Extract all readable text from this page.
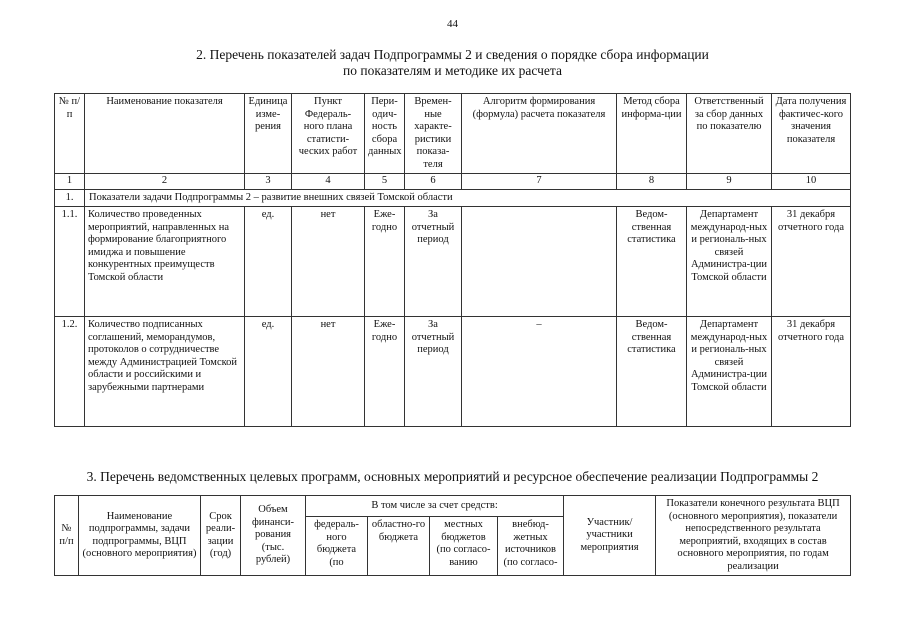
44
2. Перечень показателей задач Подпрограммы 2 и сведения о порядке сбора информации
по показателям и методике их расчета
№ п/п	Наименование показателя	Единица изме-рения	Пункт Федераль-ного плана статисти-ческих работ	Пери-одич-ность сбора данных	Времен-ные характе-ристики показа-теля	Алгоритм формирования (формула) расчета показателя	Метод сбора информа-ции	Ответственный за сбор данных по показателю	Дата получения фактичес-кого значения показателя
1	2	3	4	5	6	7	8	9	10
1.	Показатели задачи Подпрограммы 2 – развитие внешних связей Томской области								
1.1.	Количество проведенных мероприятий, направленных на формирование благоприятного имиджа и повышение конкурентных преимуществ Томской области	ед.	нет	Еже-годно	За отчетный период		Ведом-ственная статистика	Департамент международ-ных и региональ-ных связей Администра-ции Томской области	31 декабря отчетного года
1.2.	Количество подписанных соглашений, меморандумов, протоколов о сотрудничестве между Администрацией Томской области и российскими и зарубежными партнерами	ед.	нет	Еже-годно	За отчетный период	–	Ведом-ственная статистика	Департамент международ-ных и региональ-ных связей Администра-ции Томской области	31 декабря отчетного года
3. Перечень ведомственных целевых программ, основных мероприятий и ресурсное обеспечение реализации Подпрограммы 2
№ п/п	Наименование подпрограммы, задачи подпрограммы, ВЦП (основного мероприятия)	Срок реали-зации (год)	Объем финанси-рования (тыс. рублей)	В том числе за счет средств:				Участник/ участники мероприятия	Показатели конечного результата ВЦП (основного мероприятия), показатели непосредственного результата мероприятий, входящих в состав основного мероприятия, по годам реализации
				федераль-ного бюджета (по	областно-го бюджета	местных бюджетов (по согласо-ванию	внебюд-жетных источников (по согласо-		
